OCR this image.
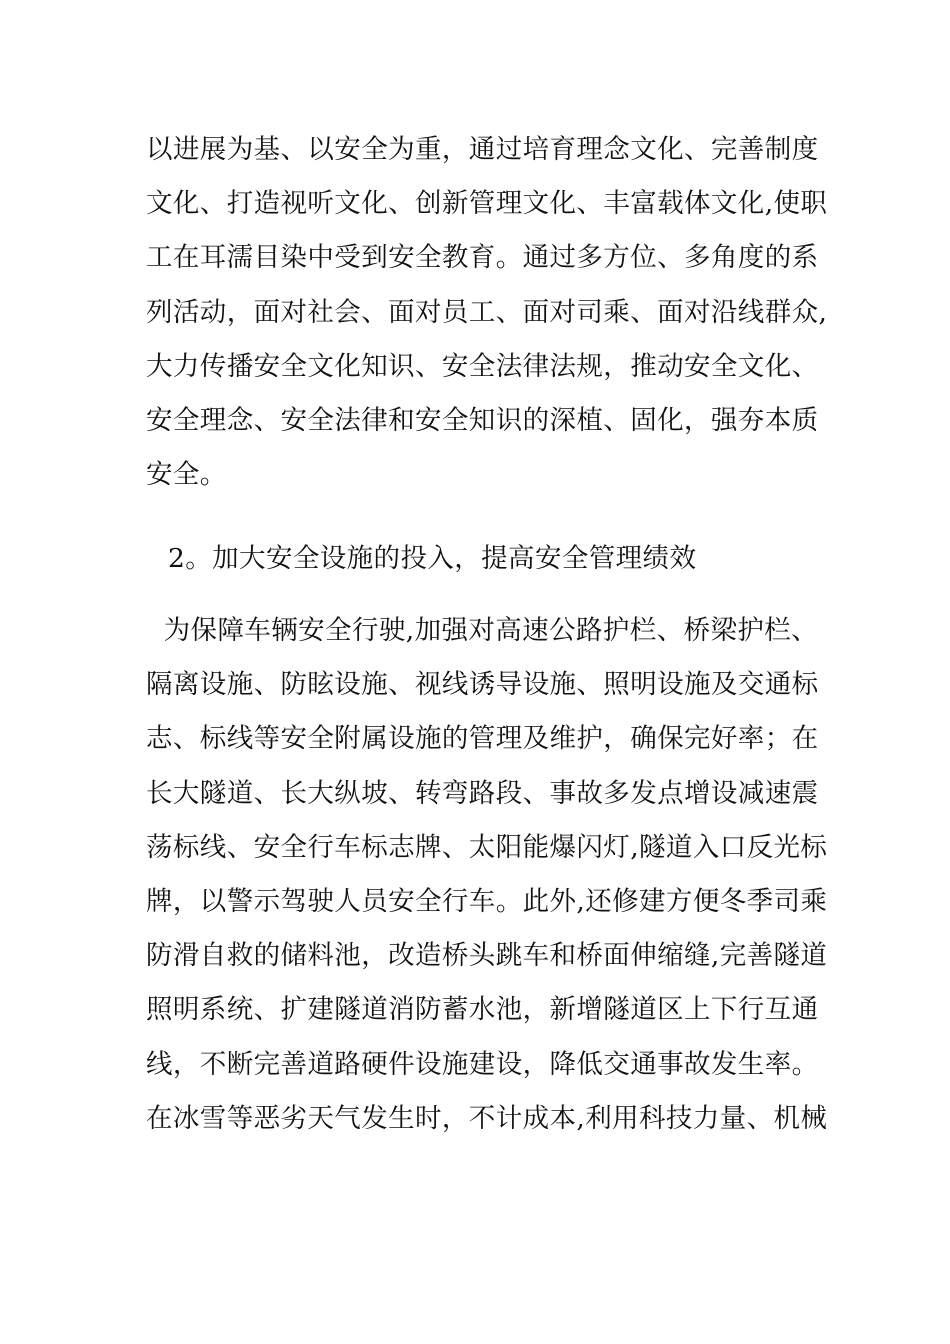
以进展为基、以安全为重，通过培育理念文化、完善制度
文化、打造视听文化、创新管理文化、丰富载体文化,使职
工在耳濡目染中受到安全教育。通过多方位、多角度的系
列活动，面对社会、面对员工、面对司乘、面对沿线群众,
大力传播安全文化知识、安全法律法规，推动安全文化、
安全理念、安全法律和安全知识的深植、固化，强夯本质
安全。
2。加大安全设施的投入，提高安全管理绩效
为保障车辆安全行驶,加强对高速公路护栏、桥梁护栏、
隔离设施、防眩设施、视线诱导设施、照明设施及交通标
志、标线等安全附属设施的管理及维护，确保完好率；在
长大隧道、长大纵坡、转弯路段、事故多发点增设减速震
荡标线、安全行车标志牌、太阳能爆闪灯,隧道入口反光标
牌，以警示驾驶人员安全行车。此外,还修建方便冬季司乘
防滑自救的储料池，改造桥头跳车和桥面伸缩缝,完善隧道
照明系统、扩建隧道消防蓄水池，新增隧道区上下行互通
线，不断完善道路硬件设施建设，降低交通事故发生率。
在冰雪等恶劣天气发生时，不计成本,利用科技力量、机械
